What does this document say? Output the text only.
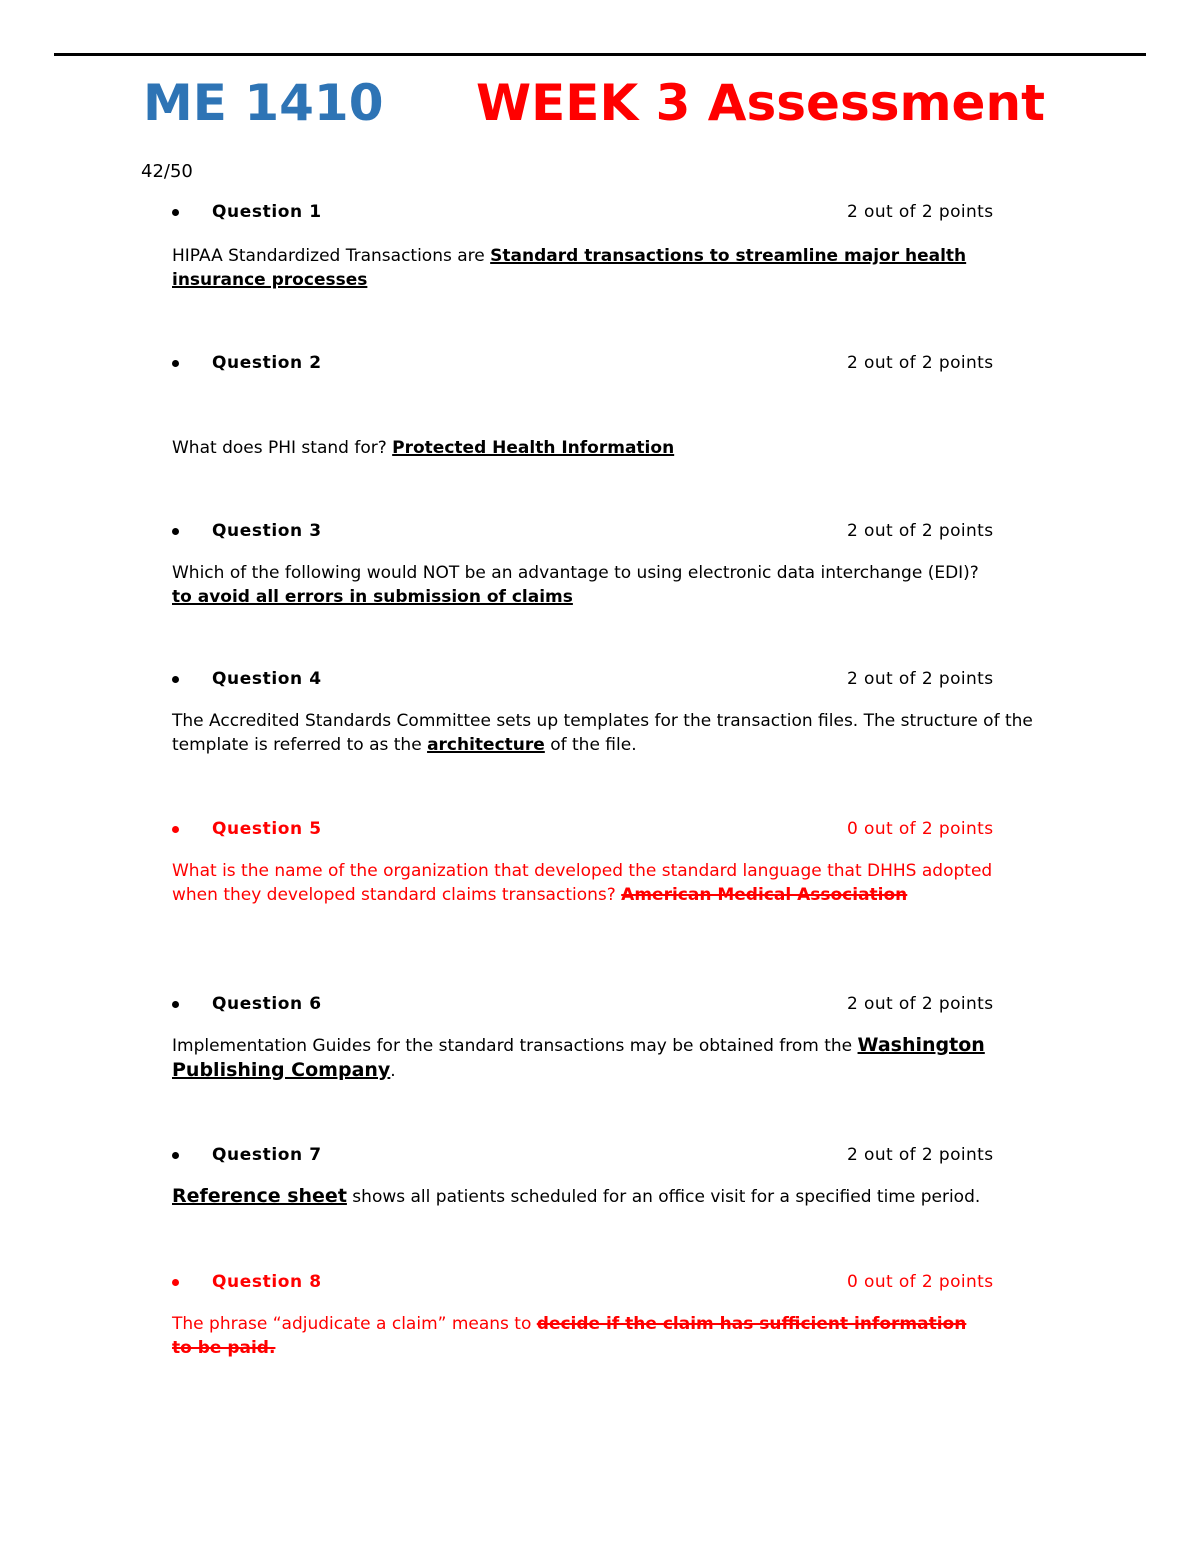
ME 1410 WEEK 3 Assessment
42/50
Question 1	2 out of 2 points
HIPAA Standardized Transactions are Standard transactions to streamline major health insurance processes
Question 2	2 out of 2 points
What does PHI stand for? Protected Health Information
Question 3	2 out of 2 points
Which of the following would NOT be an advantage to using electronic data interchange (EDI)?
to avoid all errors in submission of claims
Question 4	2 out of 2 points
The Accredited Standards Committee sets up templates for the transaction files. The structure of the template is referred to as the architecture of the file.
Question 5	0 out of 2 points
What is the name of the organization that developed the standard language that DHHS adopted when they developed standard claims transactions? American Medical Association
Question 6	2 out of 2 points
Implementation Guides for the standard transactions may be obtained from the Washington Publishing Company.
Question 7	2 out of 2 points
Reference sheet shows all patients scheduled for an office visit for a specified time period.
Question 8	0 out of 2 points
The phrase “adjudicate a claim” means to decide if the claim has sufficient information to be paid.
